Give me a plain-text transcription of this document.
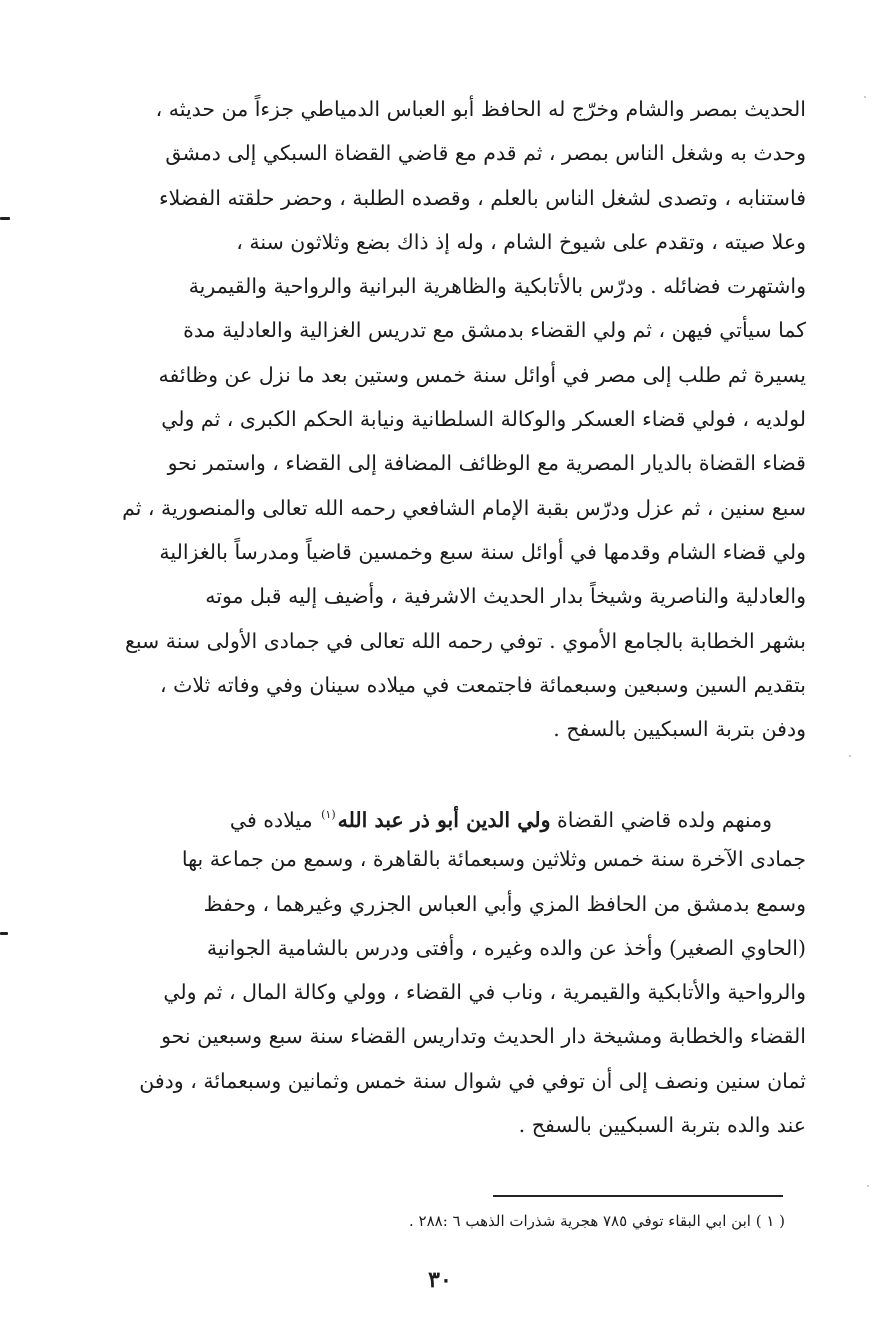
الحديث بمصر والشام وخرّج له الحافظ أبو العباس الدمياطي جزءاً من حديثه ،
وحدث به وشغل الناس بمصر ، ثم قدم مع قاضي القضاة السبكي إلى دمشق
فاستنابه ، وتصدى لشغل الناس بالعلم ، وقصده الطلبة ، وحضر حلقته الفضلاء
وعلا صيته ، وتقدم على شيوخ الشام ، وله إذ ذاك بضع وثلاثون سنة ،
واشتهرت فضائله . ودرّس بالأتابكية والظاهرية البرانية والرواحية والقيمرية
كما سيأتي فيهن ، ثم ولي القضاء بدمشق مع تدريس الغزالية والعادلية مدة
يسيرة ثم طلب إلى مصر في أوائل سنة خمس وستين بعد ما نزل عن وظائفه
لولديه ، فولي قضاء العسكر والوكالة السلطانية ونيابة الحكم الكبرى ، ثم ولي
قضاء القضاة بالديار المصرية مع الوظائف المضافة إلى القضاء ، واستمر نحو
سبع سنين ، ثم عزل ودرّس بقبة الإمام الشافعي رحمه الله تعالى والمنصورية ، ثم
ولي قضاء الشام وقدمها في أوائل سنة سبع وخمسين قاضياً ومدرساً بالغزالية
والعادلية والناصرية وشيخاً بدار الحديث الاشرفية ، وأضيف إليه قبل موته
بشهر الخطابة بالجامع الأموي . توفي رحمه الله تعالى في جمادى الأولى سنة سبع
بتقديم السين وسبعين وسبعمائة فاجتمعت في ميلاده سينان وفي وفاته ثلاث ،
ودفن بتربة السبكيين بالسفح .
ومنهم ولده قاضي القضاة ولي الدين أبو ذر عبد الله$^{(١)}$ ميلاده في
جمادى الآخرة سنة خمس وثلاثين وسبعمائة بالقاهرة ، وسمع من جماعة بها
وسمع بدمشق من الحافظ المزي وأبي العباس الجزري وغيرهما ، وحفظ
(الحاوي الصغير) وأخذ عن والده وغيره ، وأفتى ودرس بالشامية الجوانية
والرواحية والأتابكية والقيمرية ، وناب في القضاء ، وولي وكالة المال ، ثم ولي
القضاء والخطابة ومشيخة دار الحديث وتداريس القضاء سنة سبع وسبعين نحو
ثمان سنين ونصف إلى أن توفي في شوال سنة خمس وثمانين وسبعمائة ، ودفن
عند والده بتربة السبكيين بالسفح .
( ١ ) ابن ابي البقاء توفي ٧٨٥ هجرية شذرات الذهب ٦ :٢٨٨ .
٣٠
